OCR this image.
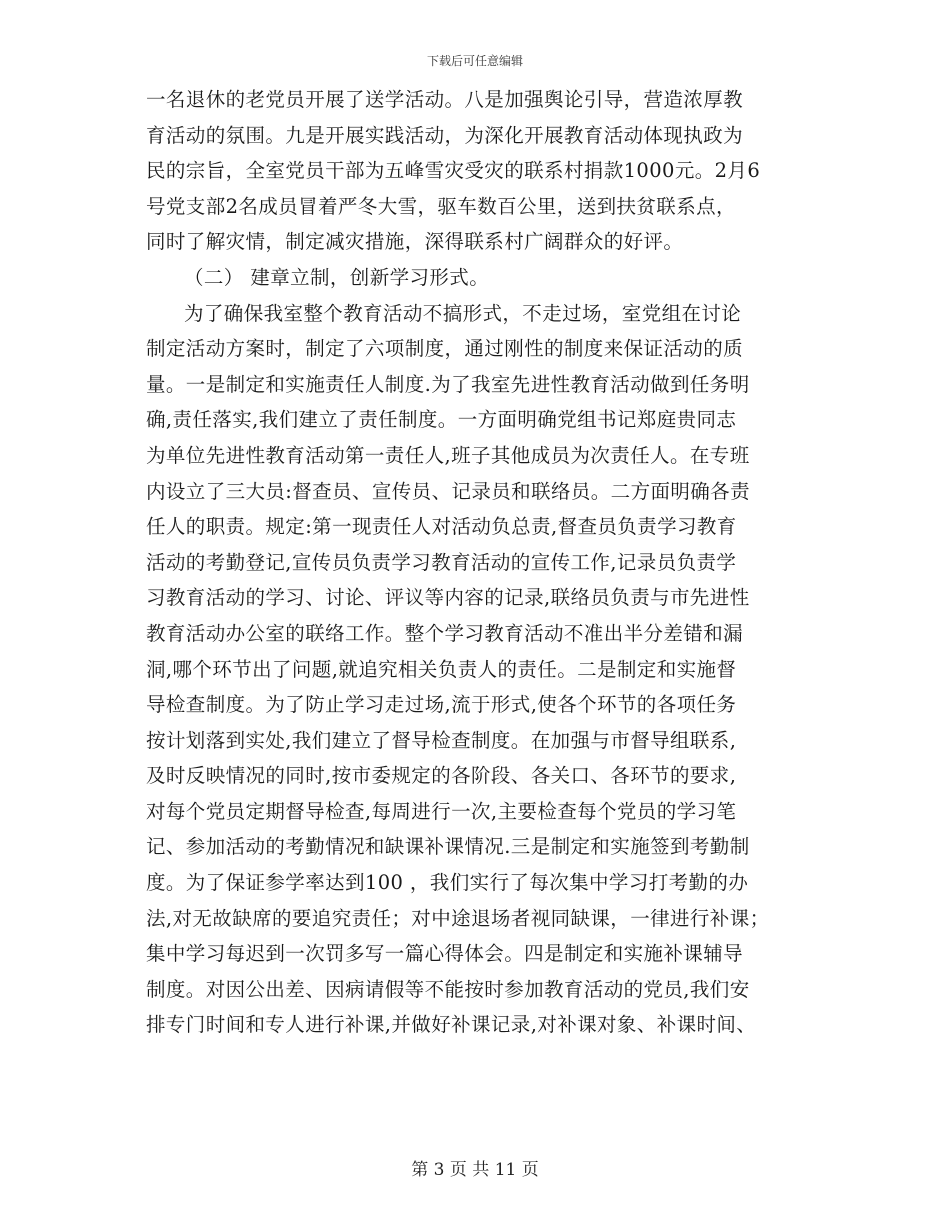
下载后可任意编辑
一名退休的老党员开展了送学活动。八是加强舆论引导，营造浓厚教
育活动的氛围。九是开展实践活动，为深化开展教育活动体现执政为
民的宗旨，全室党员干部为五峰雪灾受灾的联系村捐款1000元。2月6
号党支部2名成员冒着严冬大雪，驱车数百公里，送到扶贫联系点，
同时了解灾情，制定减灾措施，深得联系村广阔群众的好评。
（二） 建章立制，创新学习形式。
为了确保我室整个教育活动不搞形式，不走过场，室党组在讨论
制定活动方案时，制定了六项制度，通过刚性的制度来保证活动的质
量。一是制定和实施责任人制度.为了我室先进性教育活动做到任务明
确,责任落实,我们建立了责任制度。一方面明确党组书记郑庭贵同志
为单位先进性教育活动第一责任人,班子其他成员为次责任人。在专班
内设立了三大员:督查员、宣传员、记录员和联络员。二方面明确各责
任人的职责。规定:第一现责任人对活动负总责,督查员负责学习教育
活动的考勤登记,宣传员负责学习教育活动的宣传工作,记录员负责学
习教育活动的学习、讨论、评议等内容的记录,联络员负责与市先进性
教育活动办公室的联络工作。整个学习教育活动不准出半分差错和漏
洞,哪个环节出了问题,就追究相关负责人的责任。二是制定和实施督
导检查制度。为了防止学习走过场,流于形式,使各个环节的各项任务
按计划落到实处,我们建立了督导检查制度。在加强与市督导组联系,
及时反映情况的同时,按市委规定的各阶段、各关口、各环节的要求,
对每个党员定期督导检查,每周进行一次,主要检查每个党员的学习笔
记、参加活动的考勤情况和缺课补课情况.三是制定和实施签到考勤制
度。为了保证参学率达到100 ，我们实行了每次集中学习打考勤的办
法,对无故缺席的要追究责任；对中途退场者视同缺课，一律进行补课；
集中学习每迟到一次罚多写一篇心得体会。四是制定和实施补课辅导
制度。对因公出差、因病请假等不能按时参加教育活动的党员,我们安
排专门时间和专人进行补课,并做好补课记录,对补课对象、补课时间、
第 3 页 共 11 页
